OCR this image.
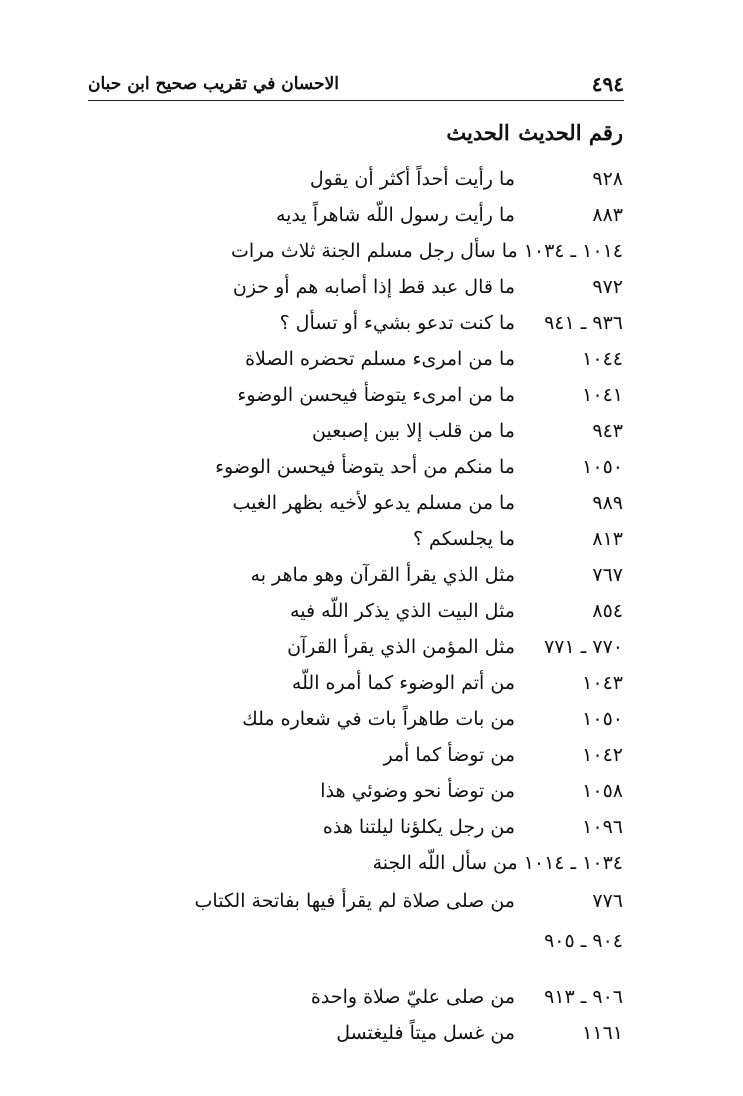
الاحسان في تقريب صحيح ابن حبان	٤٩٤
رقم الحديث الحديث
٩٢٨ما رأيت أحداً أكثر أن يقول
٨٨٣ما رأيت رسول اللّه شاهراً يديه
١٠١٤ ـ ١٠٣٤ما سأل رجل مسلم الجنة ثلاث مرات
٩٧٢ما قال عبد قط إذا أصابه هم أو حزن
٩٣٦ ـ ٩٤١ما كنت تدعو بشيء أو تسأل ؟
١٠٤٤ما من امرىء مسلم تحضره الصلاة
١٠٤١ما من امرىء يتوضأ فيحسن الوضوء
٩٤٣ما من قلب إلا بين إصبعين
١٠٥٠ما منكم من أحد يتوضأ فيحسن الوضوء
٩٨٩ما من مسلم يدعو لأخيه بظهر الغيب
٨١٣ما يجلسكم ؟
٧٦٧مثل الذي يقرأ القرآن وهو ماهر به
٨٥٤مثل البيت الذي يذكر اللّه فيه
٧٧٠ ـ ٧٧١مثل المؤمن الذي يقرأ القرآن
١٠٤٣من أتم الوضوء كما أمره اللّه
١٠٥٠من بات طاهراً بات في شعاره ملك
١٠٤٢من توضأ كما أمر
١٠٥٨من توضأ نحو وضوئي هذا
١٠٩٦من رجل يكلؤنا ليلتنا هذه
١٠٣٤ ـ ١٠١٤من سأل اللّه الجنة
٧٧٦من صلى صلاة لم يقرأ فيها بفاتحة الكتاب
٩٠٤ ـ ٩٠٥
٩٠٦ ـ ٩١٣من صلى عليّ صلاة واحدة
١١٦١من غسل ميتاً فليغتسل
